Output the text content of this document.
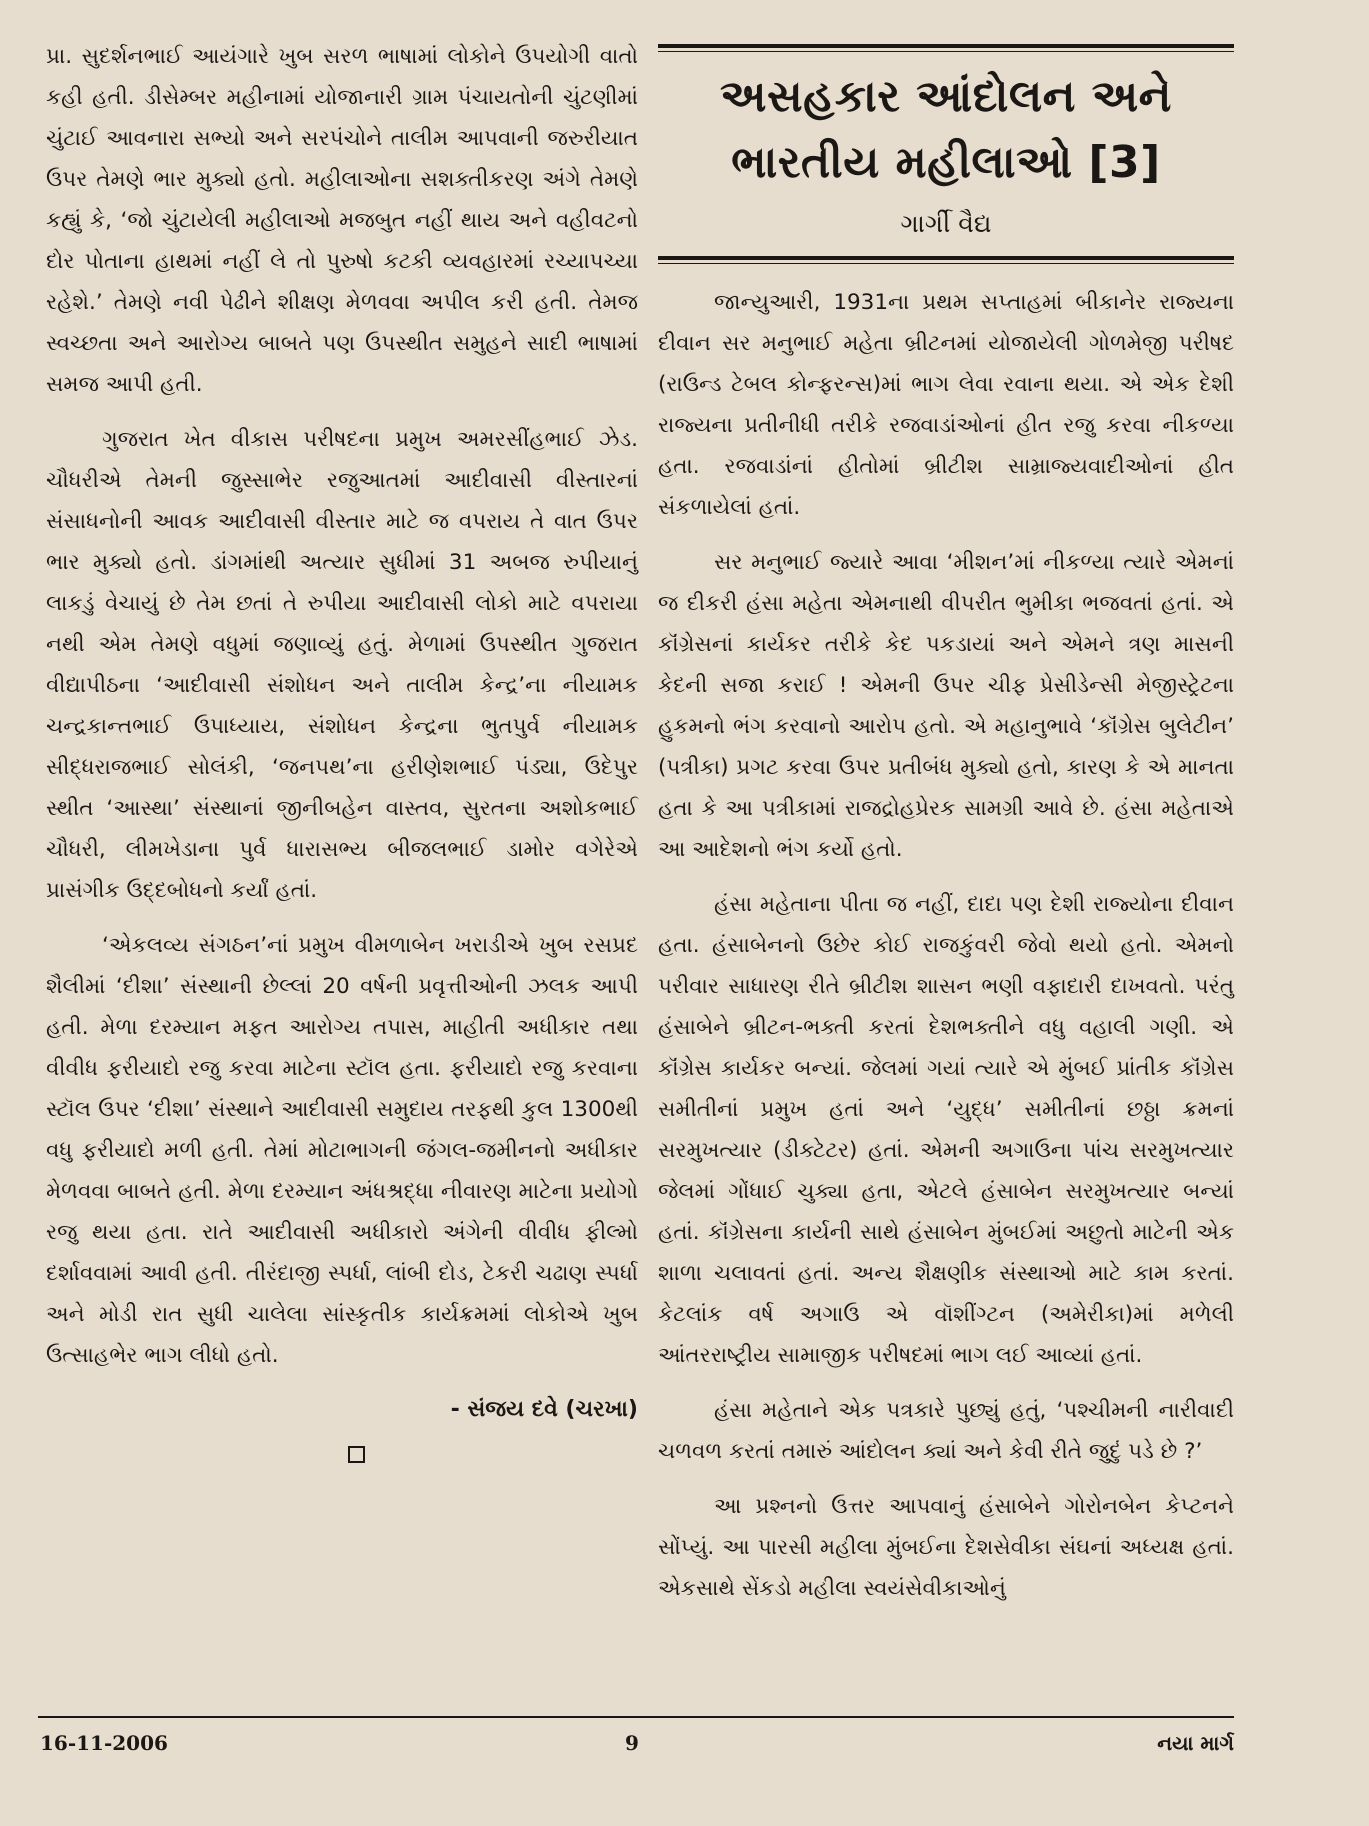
પ્રા. સુદર્શનભાઈ આયંગારે ખુબ સરળ ભાષામાં લોકોને ઉપયોગી વાતો કહી હતી. ડીસેમ્બર મહીનામાં યોજાનારી ગ્રામ પંચાયતોની ચુંટણીમાં ચુંટાઈ આવનારા સભ્યો અને સરપંચોને તાલીમ આપવાની જરુરીયાત ઉપર તેમણે ભાર મુક્યો હતો. મહીલાઓના સશક્તીકરણ અંગે તેમણે કહ્યું કે, ‘જો ચુંટાયેલી મહીલાઓ મજબુત નહીં થાય અને વહીવટનો દોર પોતાના હાથમાં નહીં લે તો પુરુષો કટકી વ્યવહારમાં રચ્યાપચ્યા રહેશે.’ તેમણે નવી પેઢીને શીક્ષણ મેળવવા અપીલ કરી હતી. તેમજ સ્વચ્છતા અને આરોગ્ય બાબતે પણ ઉપસ્થીત સમુહને સાદી ભાષામાં સમજ આપી હતી.

ગુજરાત ખેત વીકાસ પરીષદના પ્રમુખ અમરસીંહભાઈ ઝેડ. ચૌધરીએ તેમની જુસ્સાભેર રજુઆતમાં આદીવાસી વીસ્તારનાં સંસાધનોની આવક આદીવાસી વીસ્તાર માટે જ વપરાય તે વાત ઉપર ભાર મુક્યો હતો. ડાંગમાંથી અત્યાર સુધીમાં 31 અબજ રુપીયાનું લાકડું વેચાયું છે તેમ છતાં તે રુપીયા આદીવાસી લોકો માટે વપરાયા નથી એમ તેમણે વધુમાં જણાવ્યું હતું. મેળામાં ઉપસ્થીત ગુજરાત વીદ્યાપીઠના ‘આદીવાસી સંશોધન અને તાલીમ કેન્દ્ર’ના નીયામક ચન્દ્રકાન્તભાઈ ઉપાધ્યાય, સંશોધન કેન્દ્રના ભુતપુર્વ નીયામક સીદ્ધરાજભાઈ સોલંકી, ‘જનપથ’ના હરીણેશભાઈ પંડ્યા, ઉદેપુર સ્થીત ‘આસ્થા’ સંસ્થાનાં જીનીબહેન વાસ્તવ, સુરતના અશોકભાઈ ચૌધરી, લીમખેડાના પુર્વ ધારાસભ્ય બીજલભાઈ ડામોર વગેરેએ પ્રાસંગીક ઉદ્દબોધનો કર્યાં હતાં.

‘એકલવ્ય સંગઠન’નાં પ્રમુખ વીમળાબેન ખરાડીએ ખુબ રસપ્રદ શૈલીમાં ‘દીશા’ સંસ્થાની છેલ્લાં 20 વર્ષની પ્રવૃત્તીઓની ઝલક આપી હતી. મેળા દરમ્યાન મફત આરોગ્ય તપાસ, માહીતી અધીકાર તથા વીવીધ ફરીયાદો રજુ કરવા માટેના સ્ટૉલ હતા. ફરીયાદો રજુ કરવાના સ્ટૉલ ઉપર ‘દીશા’ સંસ્થાને આદીવાસી સમુદાય તરફથી કુલ 1300થી વધુ ફરીયાદો મળી હતી. તેમાં મોટાભાગની જંગલ-જમીનનો અધીકાર મેળવવા બાબતે હતી. મેળા દરમ્યાન અંધશ્રદ્ધા નીવારણ માટેના પ્રયોગો રજુ થયા હતા. રાતે આદીવાસી અધીકારો અંગેની વીવીધ ફીલ્મો દર્શાવવામાં આવી હતી. તીરંદાજી સ્પર્ધા, લાંબી દોડ, ટેકરી ચઢાણ સ્પર્ધા અને મોડી રાત સુધી ચાલેલા સાંસ્કૃતીક કાર્યક્રમમાં લોકોએ ખુબ ઉત્સાહભેર ભાગ લીધો હતો.

- સંજય દવે (ચરખા)

અસહકાર આંદોલન અને
ભારતીય મહીલાઓ [3]
ગાર્ગી વૈદ્ય

જાન્યુઆરી, 1931ના પ્રથમ સપ્તાહમાં બીકાનેર રાજ્યના દીવાન સર મનુભાઈ મહેતા બ્રીટનમાં યોજાયેલી ગોળમેજી પરીષદ (રાઉન્ડ ટેબલ કોન્ફરન્સ)માં ભાગ લેવા રવાના થયા. એ એક દેશી રાજ્યના પ્રતીનીધી તરીકે રજવાડાંઓનાં હીત રજુ કરવા નીકળ્યા હતા. રજવાડાંનાં હીતોમાં બ્રીટીશ સામ્રાજ્યવાદીઓનાં હીત સંકળાયેલાં હતાં.

સર મનુભાઈ જ્યારે આવા ‘મીશન’માં નીકળ્યા ત્યારે એમનાં જ દીકરી હંસા મહેતા એમનાથી વીપરીત ભુમીકા ભજવતાં હતાં. એ કૉંગ્રેસનાં કાર્યકર તરીકે કેદ પકડાયાં અને એમને ત્રણ માસની કેદની સજા કરાઈ ! એમની ઉપર ચીફ પ્રેસીડેન્સી મેજીસ્ટ્રેટના હુકમનો ભંગ કરવાનો આરોપ હતો. એ મહાનુભાવે ‘કૉંગ્રેસ બુલેટીન’ (પત્રીકા) પ્રગટ કરવા ઉપર પ્રતીબંધ મુક્યો હતો, કારણ કે એ માનતા હતા કે આ પત્રીકામાં રાજદ્રોહપ્રેરક સામગ્રી આવે છે. હંસા મહેતાએ આ આદેશનો ભંગ કર્યો હતો.

હંસા મહેતાના પીતા જ નહીં, દાદા પણ દેશી રાજ્યોના દીવાન હતા. હંસાબેનનો ઉછેર કોઈ રાજકુંવરી જેવો થયો હતો. એમનો પરીવાર સાધારણ રીતે બ્રીટીશ શાસન ભણી વફાદારી દાખવતો. પરંતુ હંસાબેને બ્રીટન-ભક્તી કરતાં દેશભક્તીને વધુ વહાલી ગણી. એ કૉંગ્રેસ કાર્યકર બન્યાં. જેલમાં ગયાં ત્યારે એ મુંબઈ પ્રાંતીક કૉંગ્રેસ સમીતીનાં પ્રમુખ હતાં અને ‘યુદ્ધ’ સમીતીનાં છઠ્ઠા ક્રમનાં સરમુખત્યાર (ડીક્ટેટર) હતાં. એમની અગાઉના પાંચ સરમુખત્યાર જેલમાં ગોંધાઈ ચુક્યા હતા, એટલે હંસાબેન સરમુખત્યાર બન્યાં હતાં. કૉંગ્રેસના કાર્યની સાથે હંસાબેન મુંબઈમાં અછુતો માટેની એક શાળા ચલાવતાં હતાં. અન્ય શૈક્ષણીક સંસ્થાઓ માટે કામ કરતાં. કેટલાંક વર્ષ અગાઉ એ વૉશીંગ્ટન (અમેરીકા)માં મળેલી આંતરરાષ્ટ્રીય સામાજીક પરીષદમાં ભાગ લઈ આવ્યાં હતાં.

હંસા મહેતાને એક પત્રકારે પુછ્યું હતું, ‘પશ્ચીમની નારીવાદી ચળવળ કરતાં તમારું આંદોલન ક્યાં અને કેવી રીતે જુદું પડે છે ?’

આ પ્રશ્નનો ઉત્તર આપવાનું હંસાબેને ગોરોનબેન કેપ્ટનને સોંપ્યું. આ પારસી મહીલા મુંબઈના દેશસેવીકા સંઘનાં અધ્યક્ષ હતાં. એકસાથે સેંકડો મહીલા સ્વયંસેવીકાઓનું

16-11-2006	9	નયા માર્ગ
